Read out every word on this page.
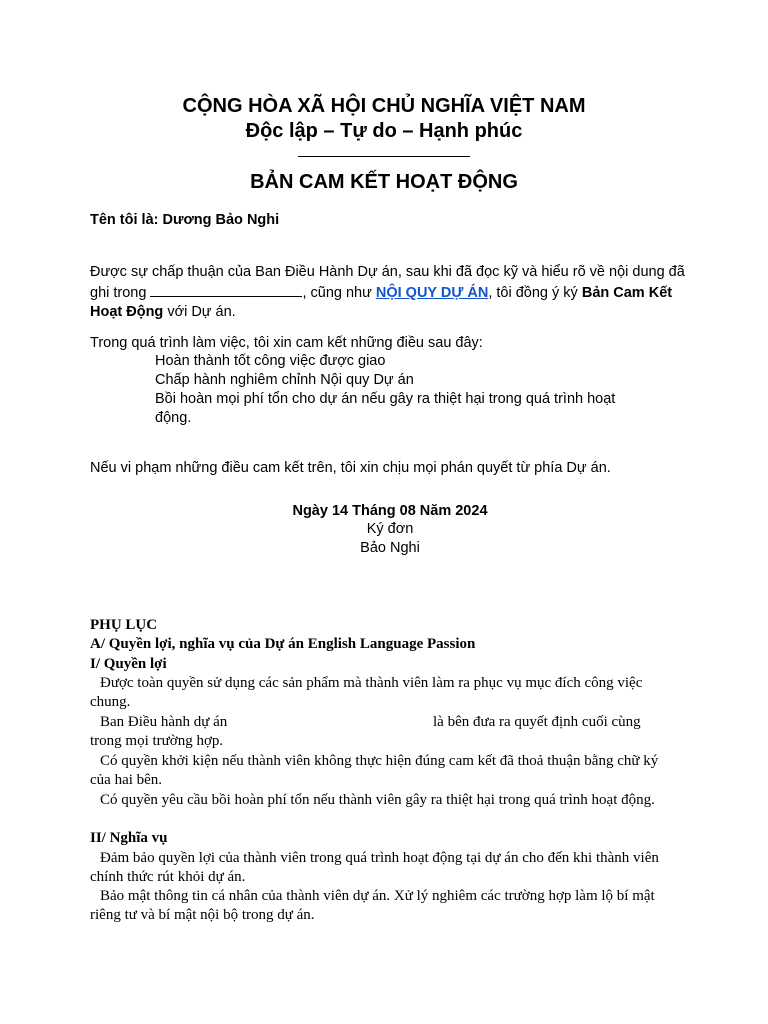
CỘNG HÒA XÃ HỘI CHỦ NGHĨA VIỆT NAM
Độc lập – Tự do – Hạnh phúc
BẢN CAM KẾT HOẠT ĐỘNG
Tên tôi là: Dương Bảo Nghi
Được sự chấp thuận của Ban Điều Hành Dự án, sau khi đã đọc kỹ và hiểu rõ về nội dung đã ghi trong	, cũng như NỘI QUY DỰ ÁN, tôi đồng ý ký Bản Cam Kết Hoạt Động với Dự án.
Trong quá trình làm việc, tôi xin cam kết những điều sau đây:
Hoàn thành tốt công việc được giao
Chấp hành nghiêm chỉnh Nội quy Dự án
Bồi hoàn mọi phí tổn cho dự án nếu gây ra thiệt hại trong quá trình hoạt động.
Nếu vi phạm những điều cam kết trên, tôi xin chịu mọi phán quyết từ phía Dự án.
Ngày 14 Tháng 08 Năm 2024
Ký đơn
Bảo Nghi
PHỤ LỤC
A/ Quyền lợi, nghĩa vụ của Dự án English Language Passion
I/ Quyền lợi
Được toàn quyền sử dụng các sản phẩm mà thành viên làm ra phục vụ mục đích công việc chung.
Ban Điều hành dự án	là bên đưa ra quyết định cuối cùng
trong mọi trường hợp.
Có quyền khởi kiện nếu thành viên không thực hiện đúng cam kết đã thoả thuận bằng chữ ký của hai bên.
Có quyền yêu cầu bồi hoàn phí tổn nếu thành viên gây ra thiệt hại trong quá trình hoạt động.
II/ Nghĩa vụ
Đảm bảo quyền lợi của thành viên trong quá trình hoạt động tại dự án cho đến khi thành viên chính thức rút khỏi dự án.
Bảo mật thông tin cá nhân của thành viên dự án. Xử lý nghiêm các trường hợp làm lộ bí mật riêng tư và bí mật nội bộ trong dự án.
